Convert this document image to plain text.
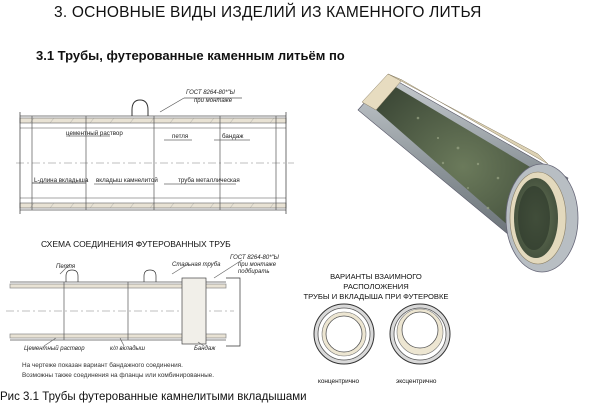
3. ОСНОВНЫЕ ВИДЫ ИЗДЕЛИЙ ИЗ КАМЕННОГО ЛИТЬЯ
3.1 Трубы, футерованные каменным литьём по
ГОСТ 8264-80*"Ы
при монтаже
цементный раствор	петля	бандаж
L-длина вкладыша вкладыш камнелитой	труба металлическая
СХЕМА СОЕДИНЕНИЯ ФУТЕРОВАННЫХ ТРУБ
Петля	Стальная труба
ГОСТ 8264-80*"Ы
при монтаже
подбирать
Цементный раствор	к/л вкладыш	Бандаж
На чертеже показан вариант бандажного соединения.
Возможны также соединения на фланцы или комбинированные.
ВАРИАНТЫ ВЗАИМНОГО РАСПОЛОЖЕНИЯ
ТРУБЫ И ВКЛАДЫША ПРИ ФУТЕРОВКЕ
концентрично	эксцентрично
Рис 3.1 Трубы футерованные камнелитыми вкладышами
